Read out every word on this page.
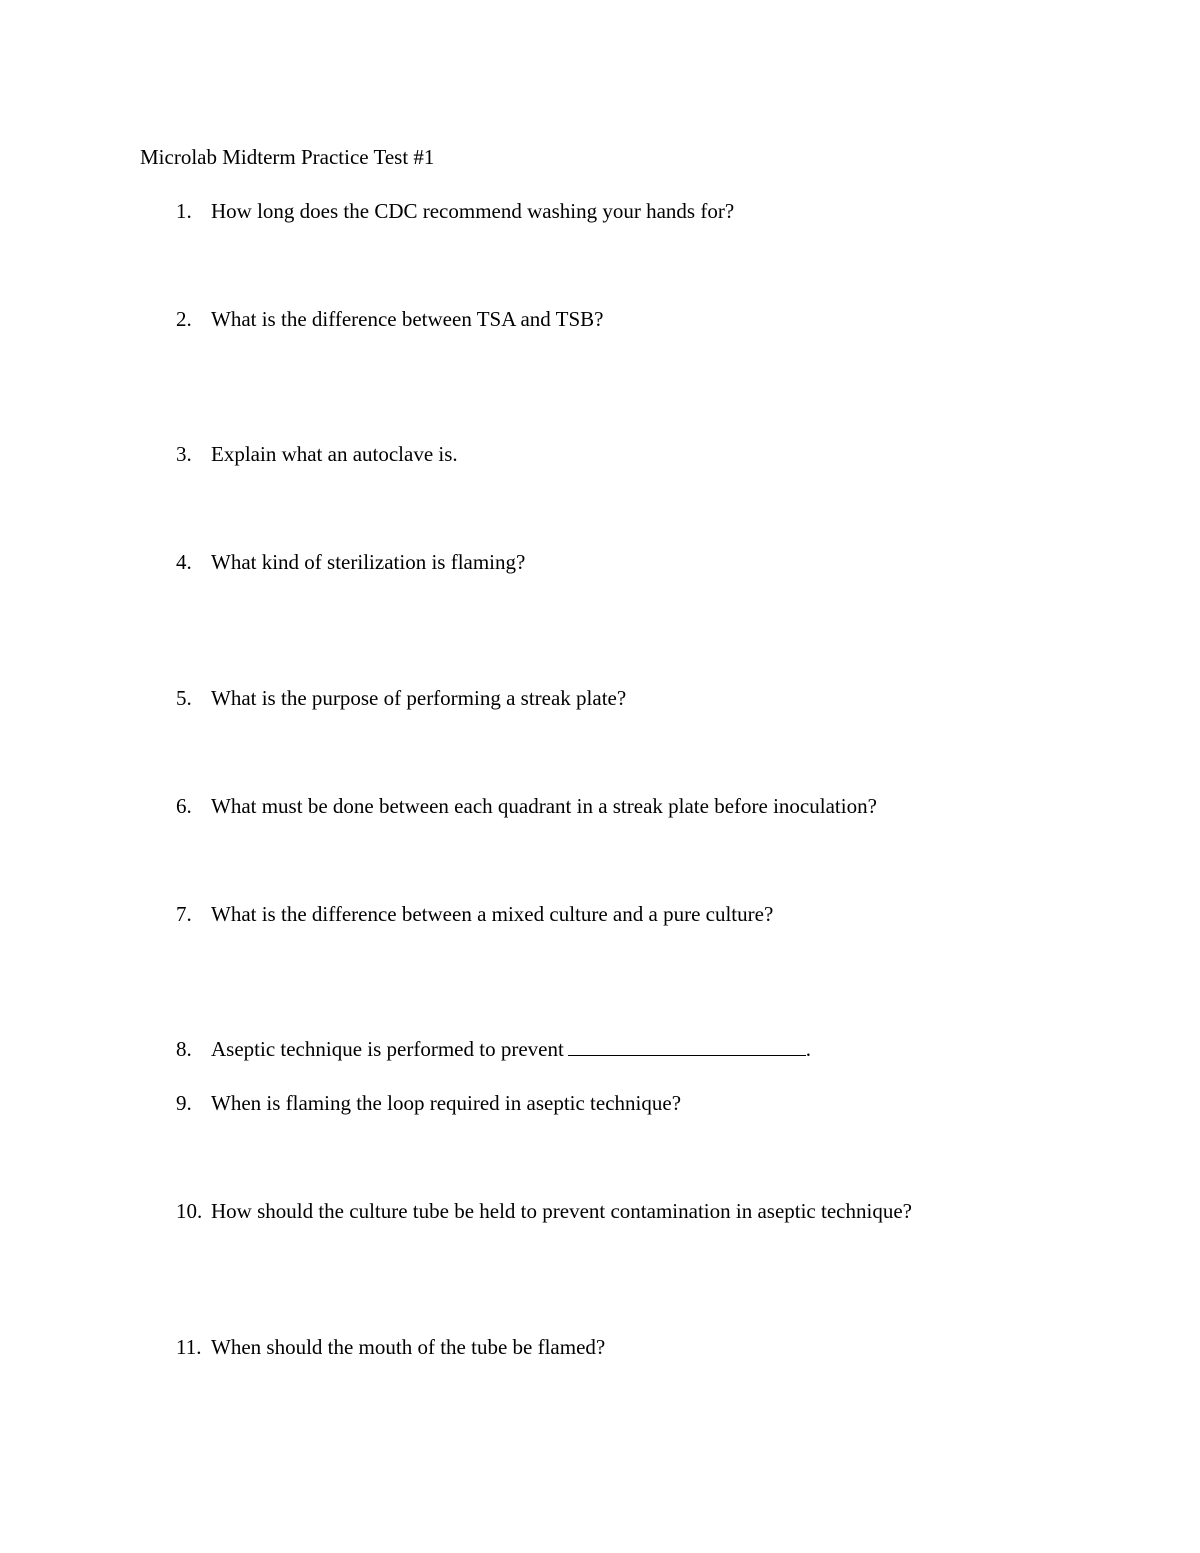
Microlab Midterm Practice Test #1
1. How long does the CDC recommend washing your hands for?
2. What is the difference between TSA and TSB?
3. Explain what an autoclave is.
4. What kind of sterilization is flaming?
5. What is the purpose of performing a streak plate?
6. What must be done between each quadrant in a streak plate before inoculation?
7. What is the difference between a mixed culture and a pure culture?
8. Aseptic technique is performed to prevent	.
9. When is flaming the loop required in aseptic technique?
10. How should the culture tube be held to prevent contamination in aseptic technique?
11. When should the mouth of the tube be flamed?
